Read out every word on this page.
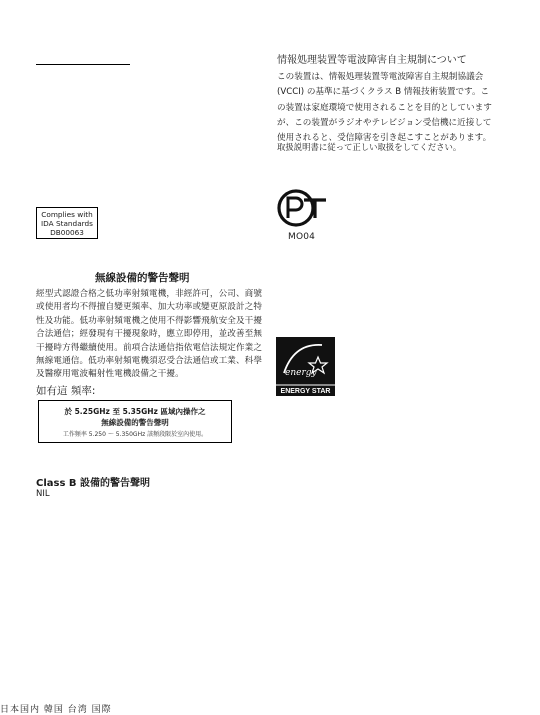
Complies with
IDA Standards
DB00063
無線設備的警告聲明
經型式認證合格之低功率射頻電機，非經許可，公司、商號或使用者均不得擅自變更頻率、加大功率或變更原設計之特性及功能。低功率射頻電機之使用不得影響飛航安全及干擾合法通信；經發現有干擾現象時，應立即停用，並改善至無干擾時方得繼續使用。前項合法通信指依電信法規定作業之無線電通信。低功率射頻電機須忍受合法通信或工業、科學及醫療用電波輻射性電機設備之干擾。
如有這 頻率:
於 5.25GHz 至 5.35GHz 區域內操作之
無線設備的警告聲明
工作頻率 5.250 ～ 5.350GHz 該頻段限於室內使用。
Class B 設備的警告聲明
NIL
情報処理装置等電波障害自主規制について
この装置は、情報処理装置等電波障害自主規制協議会 (VCCI) の基準に基づくクラス B 情報技術装置です。この装置は家庭環境で使用されることを目的としていますが、この装置がラジオやテレビジョン受信機に近接して使用されると、受信障害を引き起こすことがあります。
取扱説明書に従って正しい取扱をしてください。
MO04
energy
ENERGY STAR
日本国内 韓国 台湾 国際
